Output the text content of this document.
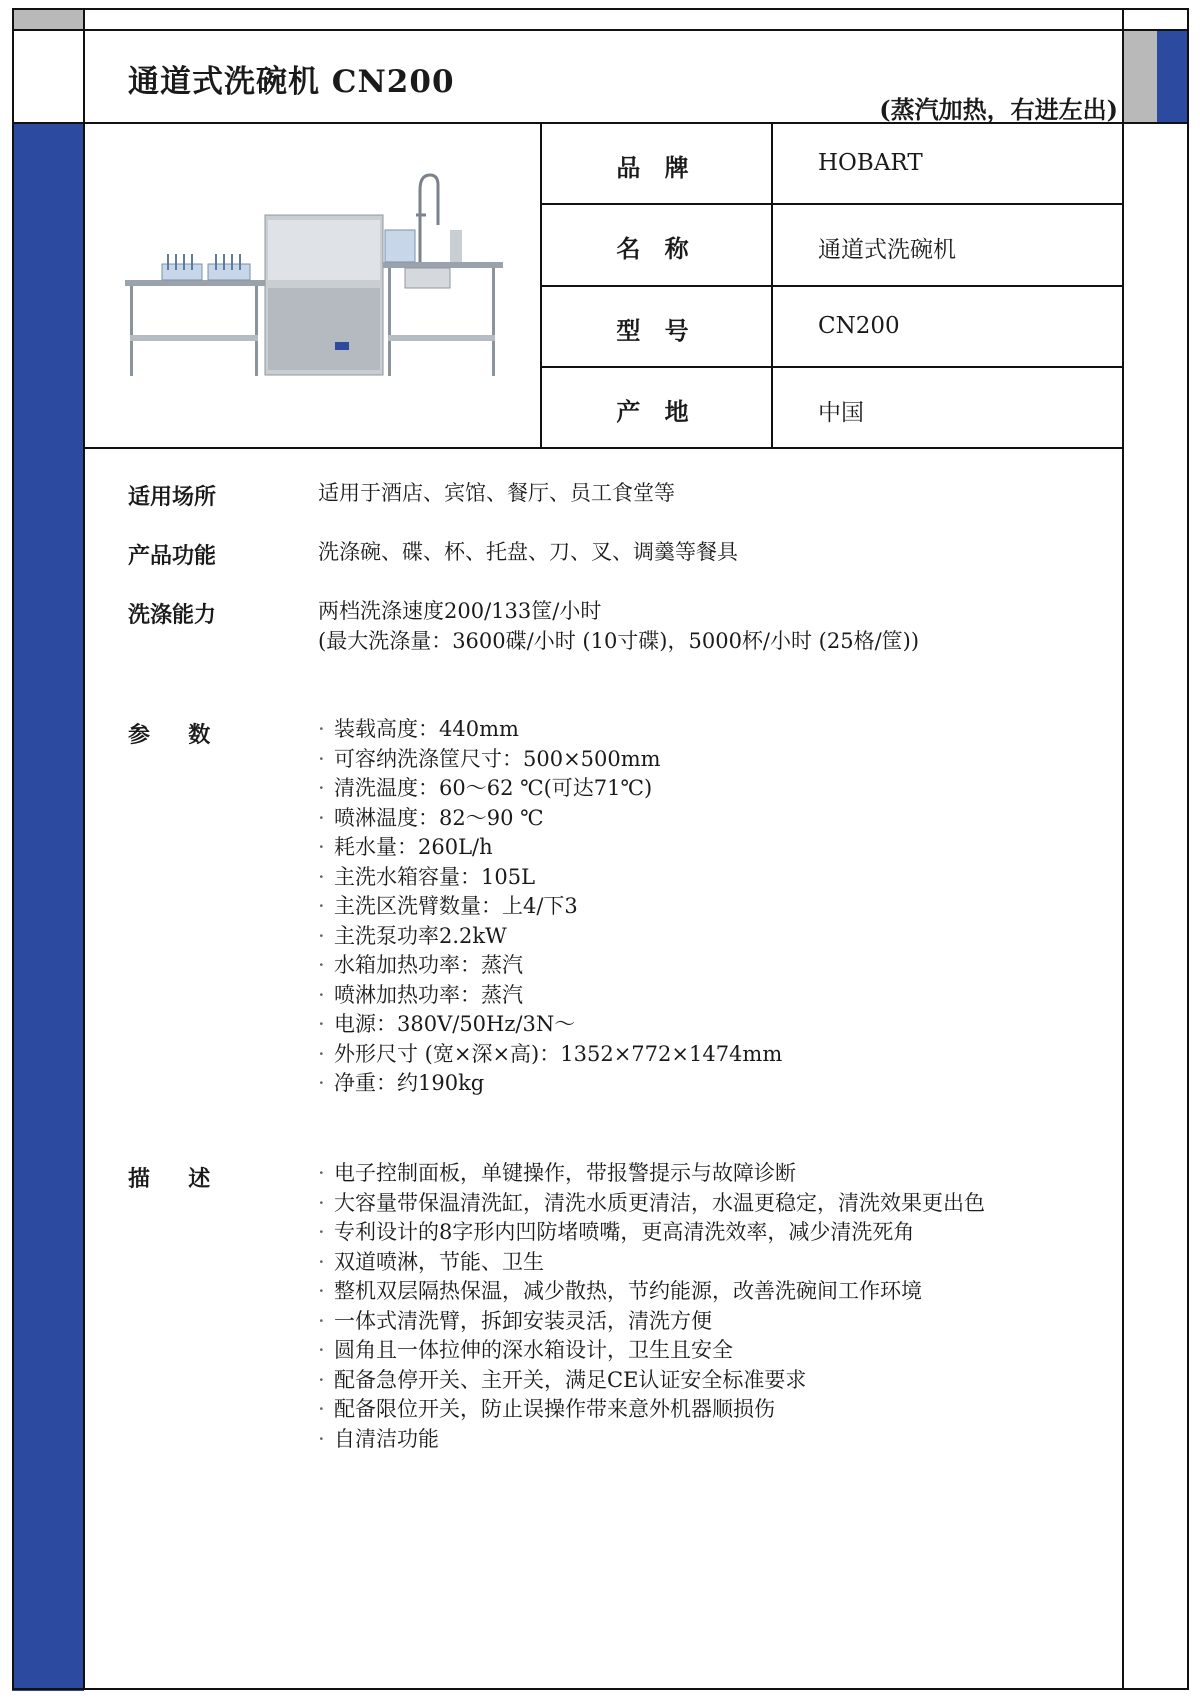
通道式洗碗机 CN200
(蒸汽加热，右进左出)
品 牌	HOBART
名 称	通道式洗碗机
型 号	CN200
产 地	中国
适用场所	适用于酒店、宾馆、餐厅、员工食堂等
产品功能	洗涤碗、碟、杯、托盘、刀、叉、调羹等餐具
洗涤能力	两档洗涤速度200/133筐/小时
(最大洗涤量：3600碟/小时 (10寸碟)，5000杯/小时 (25格/筐))
参     数	· 装载高度：440mm
· 可容纳洗涤筐尺寸：500×500mm
· 清洗温度：60～62 ℃(可达71℃)
· 喷淋温度：82～90 ℃
· 耗水量：260L/h
· 主洗水箱容量：105L
· 主洗区洗臂数量：上4/下3
· 主洗泵功率2.2kW
· 水箱加热功率：蒸汽
· 喷淋加热功率：蒸汽
· 电源：380V/50Hz/3N～
· 外形尺寸 (宽×深×高)：1352×772×1474mm
· 净重：约190kg
描     述	· 电子控制面板，单键操作，带报警提示与故障诊断
· 大容量带保温清洗缸，清洗水质更清洁，水温更稳定，清洗效果更出色
· 专利设计的8字形内凹防堵喷嘴，更高清洗效率，减少清洗死角
· 双道喷淋，节能、卫生
· 整机双层隔热保温，减少散热，节约能源，改善洗碗间工作环境
· 一体式清洗臂，拆卸安装灵活，清洗方便
· 圆角且一体拉伸的深水箱设计，卫生且安全
· 配备急停开关、主开关，满足CE认证安全标准要求
· 配备限位开关，防止误操作带来意外机器顺损伤
· 自清洁功能
